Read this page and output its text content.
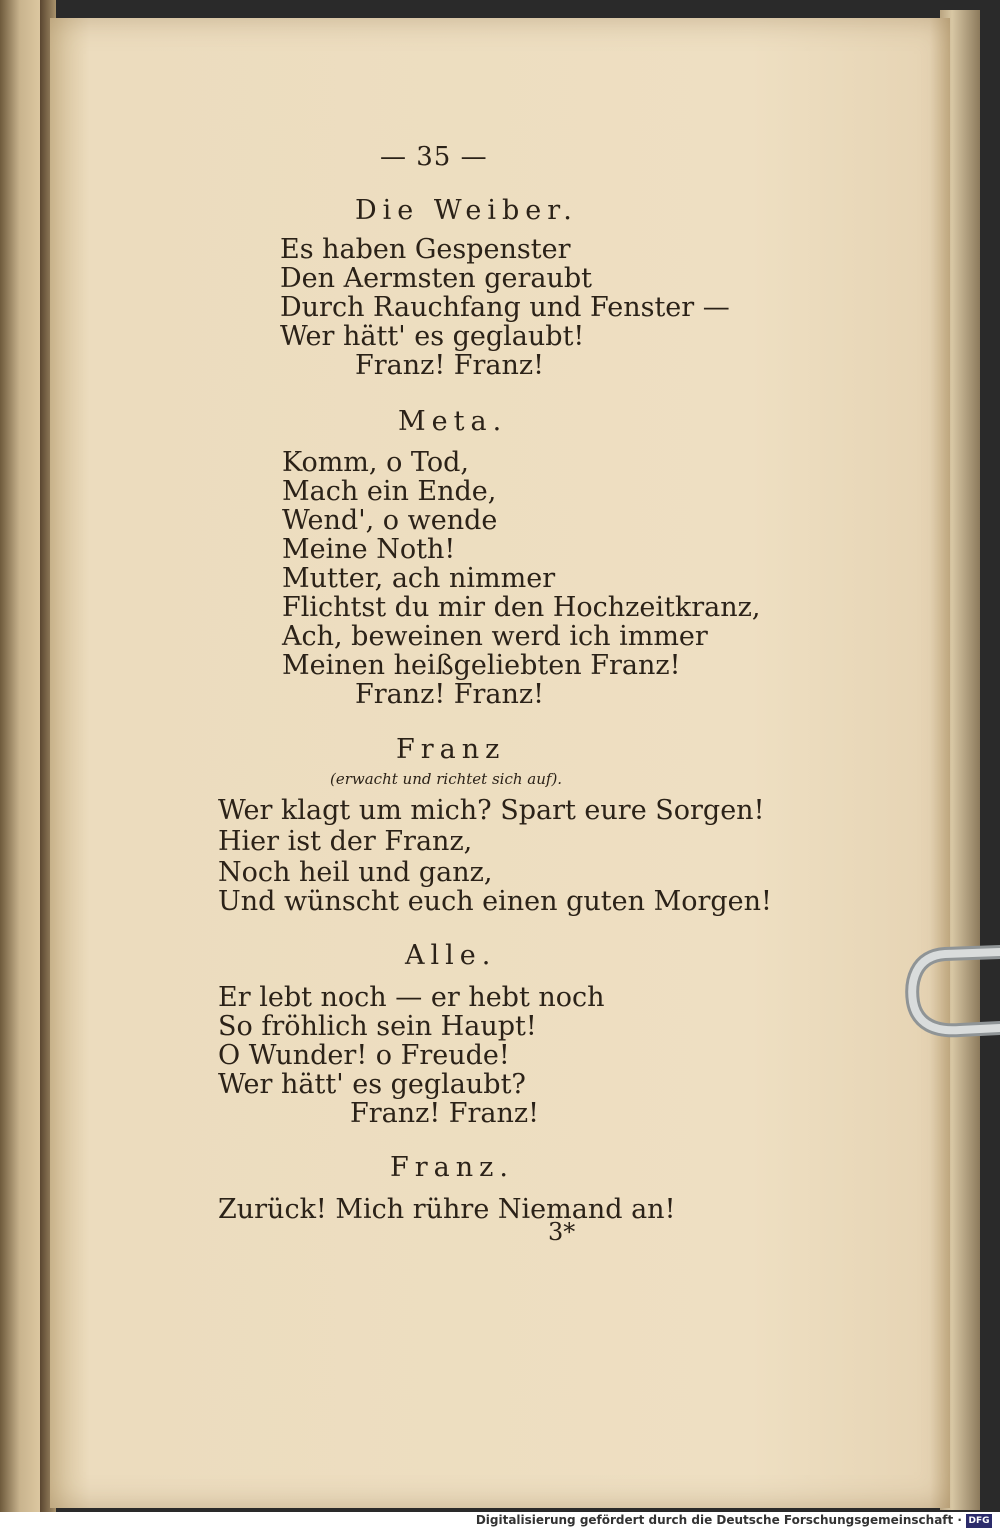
— 35 —
Die Weiber.
Es haben Gespenster
Den Aermsten geraubt
Durch Rauchfang und Fenster —
Wer hätt' es geglaubt!
Franz! Franz!
Meta.
Komm, o Tod,
Mach ein Ende,
Wend', o wende
Meine Noth!
Mutter, ach nimmer
Flichtst du mir den Hochzeitkranz,
Ach, beweinen werd ich immer
Meinen heißgeliebten Franz!
Franz! Franz!
Franz
(erwacht und richtet sich auf).
Wer klagt um mich? Spart eure Sorgen!
Hier ist der Franz,
Noch heil und ganz,
Und wünscht euch einen guten Morgen!
Alle.
Er lebt noch — er hebt noch
So fröhlich sein Haupt!
O Wunder! o Freude!
Wer hätt' es geglaubt?
Franz! Franz!
Franz.
Zurück! Mich rühre Niemand an!
3*
Digitalisierung gefördert durch die Deutsche Forschungsgemeinschaft · DFG
